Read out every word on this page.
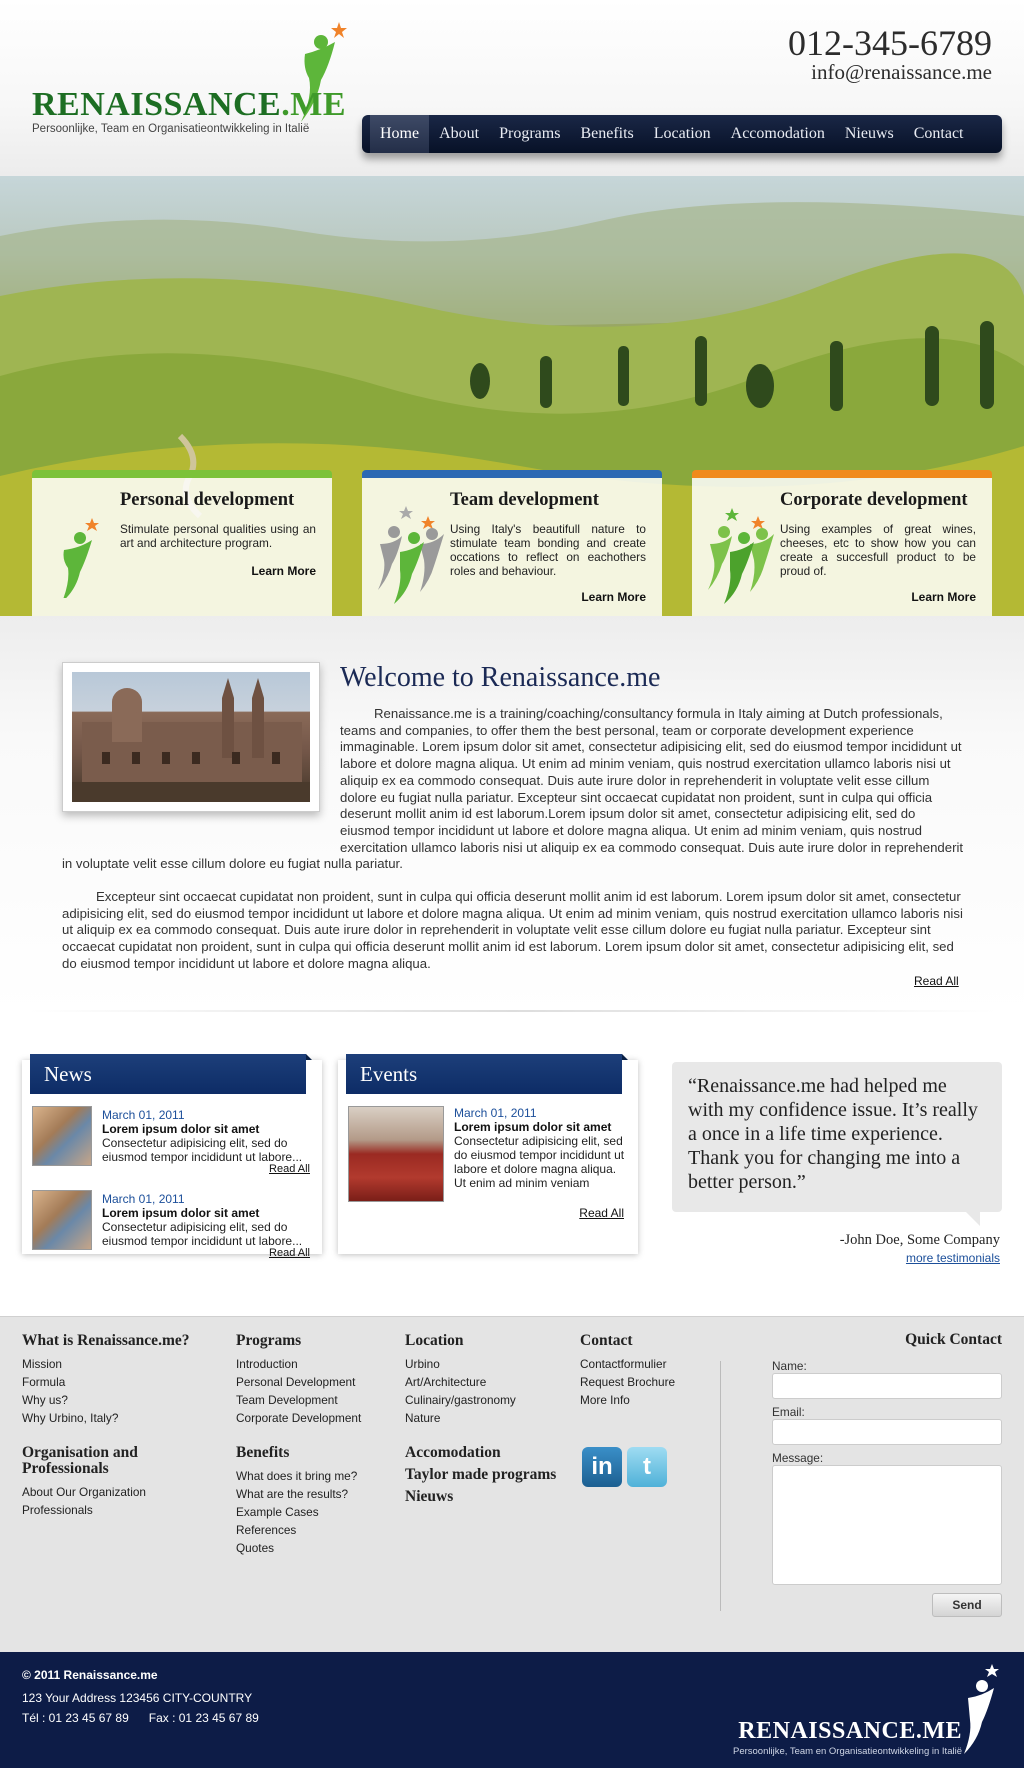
RENAISSANCE.ME
Persoonlijke, Team en Organisatieontwikkeling in Italië
012-345-6789
info@renaissance.me
Home	About	Programs	Benefits	Location	Accomodation	Nieuws	Contact
Personal development

Stimulate personal qualities using an art and architecture program.

Learn More
Team development

Using Italy's beautifull nature to stimulate team bonding and create occations to reflect on eachothers roles and behaviour.

Learn More
Corporate development

Using examples of great wines, cheeses, etc to show how you can create a succesfull product to be proud of.

Learn More
Welcome to Renaissance.me

Renaissance.me is a training/coaching/consultancy formula in Italy aiming at Dutch professionals, teams and companies, to offer them the best personal, team or corporate development experience immaginable. Lorem ipsum dolor sit amet, consectetur adipisicing elit, sed do eiusmod tempor incididunt ut labore et dolore magna aliqua. Ut enim ad minim veniam, quis nostrud exercitation ullamco laboris nisi ut aliquip ex ea commodo consequat. Duis aute irure dolor in reprehenderit in voluptate velit esse cillum dolore eu fugiat nulla pariatur. Excepteur sint occaecat cupidatat non proident, sunt in culpa qui officia deserunt mollit anim id est laborum.Lorem ipsum dolor sit amet, consectetur adipisicing elit, sed do eiusmod tempor incididunt ut labore et dolore magna aliqua. Ut enim ad minim veniam, quis nostrud exercitation ullamco laboris nisi ut aliquip ex ea commodo consequat. Duis aute irure dolor in reprehenderit in voluptate velit esse cillum dolore eu fugiat nulla pariatur.

Excepteur sint occaecat cupidatat non proident, sunt in culpa qui officia deserunt mollit anim id est laborum. Lorem ipsum dolor sit amet, consectetur adipisicing elit, sed do eiusmod tempor incididunt ut labore et dolore magna aliqua. Ut enim ad minim veniam, quis nostrud exercitation ullamco laboris nisi ut aliquip ex ea commodo consequat. Duis aute irure dolor in reprehenderit in voluptate velit esse cillum dolore eu fugiat nulla pariatur. Excepteur sint occaecat cupidatat non proident, sunt in culpa qui officia deserunt mollit anim id est laborum. Lorem ipsum dolor sit amet, consectetur adipisicing elit, sed do eiusmod tempor incididunt ut labore et dolore magna aliqua.

Read All
News
March 01, 2011
Lorem ipsum dolor sit amet
Consectetur adipisicing elit, sed do eiusmod tempor incididunt ut labore...
Read All
March 01, 2011
Lorem ipsum dolor sit amet
Consectetur adipisicing elit, sed do eiusmod tempor incididunt ut labore...
Read All
Events
March 01, 2011
Lorem ipsum dolor sit amet
Consectetur adipisicing elit, sed do eiusmod tempor incididunt ut labore et dolore magna aliqua. Ut enim ad minim veniam
Read All
“Renaissance.me had helped me with my confidence issue. It’s really a once in a life time experience. Thank you for changing me into a better person.”
-John Doe, Some Company
more testimonials
What is Renaissance.me?
Mission
Formula
Why us?
Why Urbino, Italy?
Organisation and Professionals
About Our Organization
Professionals
Programs
Introduction
Personal Development
Team Development
Corporate Development
Benefits
What does it bring me?
What are the results?
Example Cases
References
Quotes
Location
Urbino
Art/Architecture
Culinairy/gastronomy
Nature
Accomodation
Taylor made programs
Nieuws
Contact
Contactformulier
Request Brochure
More Info
in	t
Quick Contact
Name:
Email:
Message:
Send
© 2011 Renaissance.me
123 Your Address 123456 CITY-COUNTRY
Tél : 01 23 45 67 89      Fax : 01 23 45 67 89	RENAISSANCE.ME
Persoonlijke, Team en Organisatieontwikkeling in Italië
